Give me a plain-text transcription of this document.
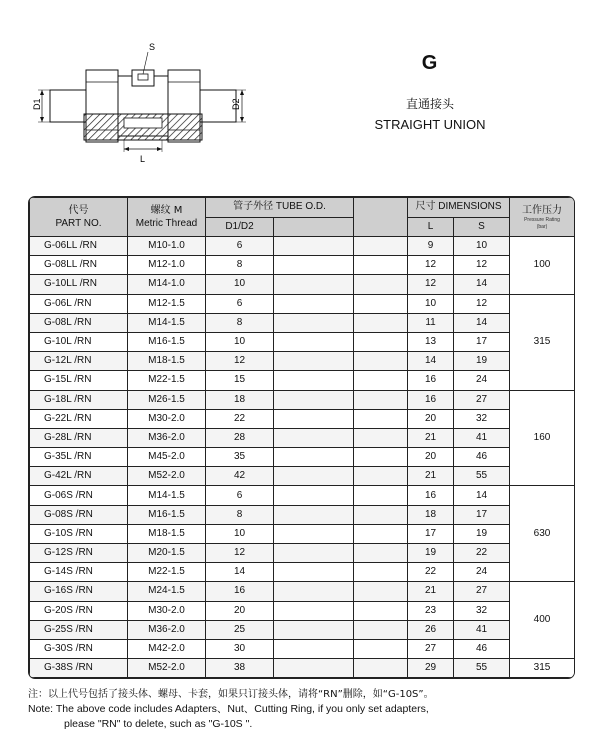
S
D1	D2
L
G
直通接头
STRAIGHT UNION
代号
PART NO.	螺纹 M
Metric Thread	管子外径 TUBE O.D.			尺寸 DIMENSIONS		工作压力
Pressure Rating
(bar)

		D1/D2			L	S	
G-06LL /RN	M10-1.0	6			9	10	100
G-08LL /RN	M12-1.0	8			12	12	
G-10LL /RN	M14-1.0	10			12	14	
G-06L /RN	M12-1.5	6			10	12	315
G-08L /RN	M14-1.5	8			11	14	
G-10L /RN	M16-1.5	10			13	17	
G-12L /RN	M18-1.5	12			14	19	
G-15L /RN	M22-1.5	15			16	24	
G-18L /RN	M26-1.5	18			16	27	160
G-22L /RN	M30-2.0	22			20	32	
G-28L /RN	M36-2.0	28			21	41	
G-35L /RN	M45-2.0	35			20	46	
G-42L /RN	M52-2.0	42			21	55	
G-06S /RN	M14-1.5	6			16	14	630
G-08S /RN	M16-1.5	8			18	17	
G-10S /RN	M18-1.5	10			17	19	
G-12S /RN	M20-1.5	12			19	22	
G-14S /RN	M22-1.5	14			22	24	
G-16S /RN	M24-1.5	16			21	27	400
G-20S /RN	M30-2.0	20			23	32	
G-25S /RN	M36-2.0	25			26	41	
G-30S /RN	M42-2.0	30			27	46	
G-38S /RN	M52-2.0	38			29	55	315
注：以上代号包括了接头体、螺母、卡套，如果只订接头体，请将“RN”删除，如“G-10S”。
Note: The above code includes Adapters、Nut、Cutting Ring, if you only set adapters,
please "RN" to delete, such as "G-10S ".
